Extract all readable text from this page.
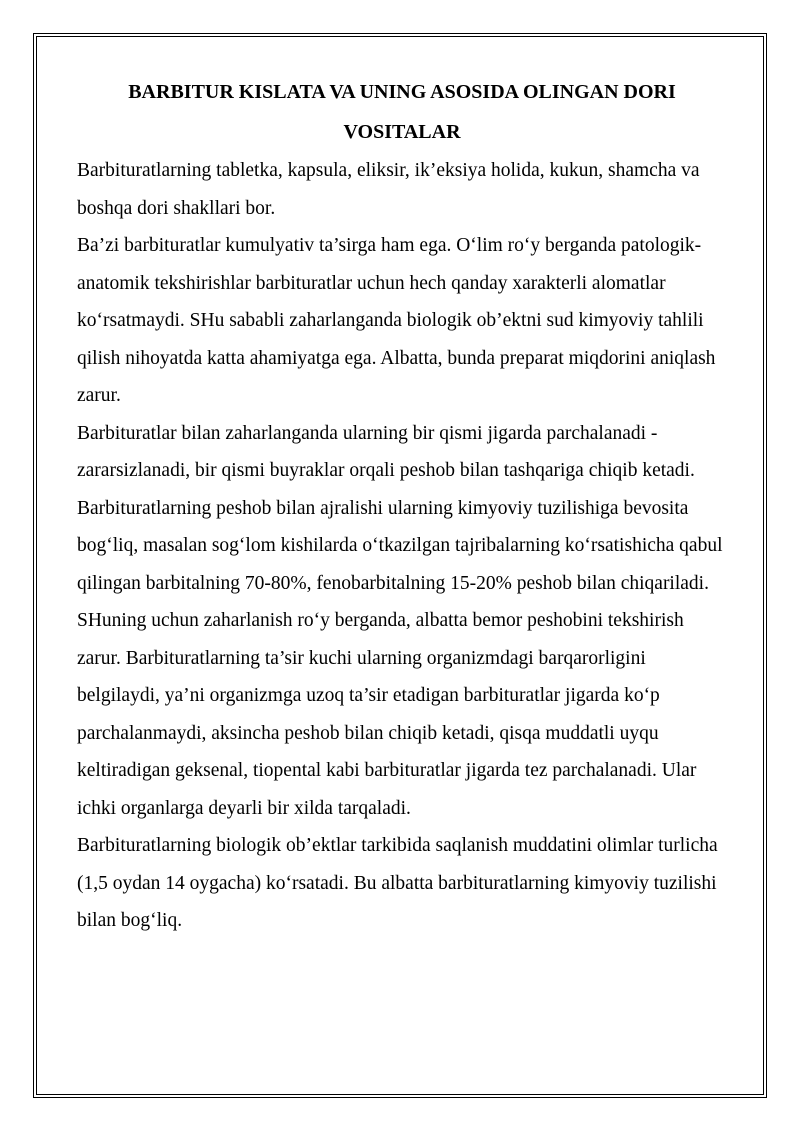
BARBITUR KISLATA VA UNING ASOSIDA OLINGAN DORI VOSITALAR

Barbituratlarning tabletka, kapsula, eliksir, ik’eksiya holida, kukun, shamcha va boshqa dori shakllari bor.

Ba’zi barbituratlar kumulyativ ta’sirga ham ega. O‘lim ro‘y berganda patologik-anatomik tekshirishlar barbituratlar uchun hech qanday xarakterli alomatlar ko‘rsatmaydi. SHu sababli zaharlanganda biologik ob’ektni sud kimyoviy tahlili qilish nihoyatda katta ahamiyatga ega. Albatta, bunda preparat miqdorini aniqlash zarur.

Barbituratlar bilan zaharlanganda ularning bir qismi jigarda parchalanadi - zararsizlanadi, bir qismi buyraklar orqali peshob bilan tashqariga chiqib ketadi.

Barbituratlarning peshob bilan ajralishi ularning kimyoviy tuzilishiga bevosita bog‘liq, masalan sog‘lom kishilarda o‘tkazilgan tajribalarning ko‘rsatishicha qabul qilingan barbitalning 70-80%, fenobarbitalning 15-20% peshob bilan chiqariladi. SHuning uchun zaharlanish ro‘y berganda, albatta bemor peshobini tekshirish zarur. Barbituratlarning ta’sir kuchi ularning organizmdagi barqarorligini belgilaydi, ya’ni organizmga uzoq ta’sir etadigan barbituratlar jigarda ko‘p parchalanmaydi, aksincha peshob bilan chiqib ketadi, qisqa muddatli uyqu keltiradigan geksenal, tiopental kabi barbituratlar jigarda tez parchalanadi. Ular ichki organlarga deyarli bir xilda tarqaladi.

Barbituratlarning biologik ob’ektlar tarkibida saqlanish muddatini olimlar turlicha (1,5 oydan 14 oygacha) ko‘rsatadi. Bu albatta barbituratlarning kimyoviy tuzilishi bilan bog‘liq.
